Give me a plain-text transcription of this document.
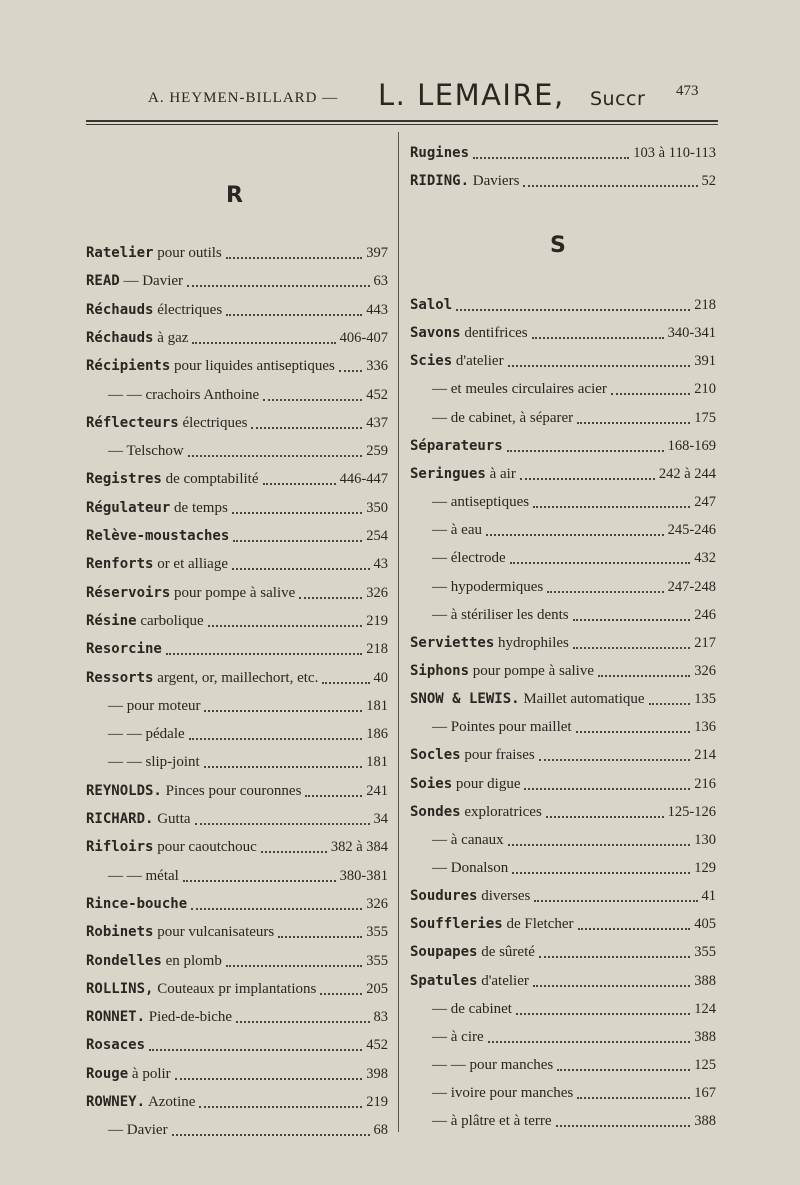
A. HEYMEN-BILLARD — L. LEMAIRE, Succr 473
R
S
Ratelier pour outils	397
READ — Davier	63
Réchauds électriques	443
Réchauds à gaz	406-407
Récipients pour liquides antiseptiques 336
— — crachoirs Anthoine	452
Réflecteurs électriques	437
— Telschow	259
Registres de comptabilité	446-447
Régulateur de temps	350
Relève-moustaches	254
Renforts or et alliage	43
Réservoirs pour pompe à salive	326
Résine carbolique	219
Resorcine	218
Ressorts argent, or, maillechort, etc.	40
— pour moteur	181
— — pédale	186
— — slip-joint	181
REYNOLDS. Pinces pour couronnes	241
RICHARD. Gutta	34
Rifloirs pour caoutchouc	382 à 384
— — métal	380-381
Rince-bouche	326
Robinets pour vulcanisateurs	355
Rondelles en plomb	355
ROLLINS, Couteaux pr implantations	205
RONNET. Pied-de-biche	83
Rosaces	452
Rouge à polir	398
ROWNEY. Azotine	219
— Davier	68
Rugines	103 à 110-113
RIDING. Daviers	52
Salol	218
Savons dentifrices	340-341
Scies d'atelier	391
— et meules circulaires acier	210
— de cabinet, à séparer	175
Séparateurs	168-169
Seringues à air	242 à 244
— antiseptiques	247
— à eau	245-246
— électrode	432
— hypodermiques	247-248
— à stériliser les dents	246
Serviettes hydrophiles	217
Siphons pour pompe à salive	326
SNOW & LEWIS. Maillet automatique	135
— Pointes pour maillet	136
Socles pour fraises	214
Soies pour digue	216
Sondes exploratrices	125-126
— à canaux	130
— Donalson	129
Soudures diverses	41
Souffleries de Fletcher	405
Soupapes de sûreté	355
Spatules d'atelier	388
— de cabinet	124
— à cire	388
— — pour manches	125
— ivoire pour manches	167
— à plâtre et à terre	388
